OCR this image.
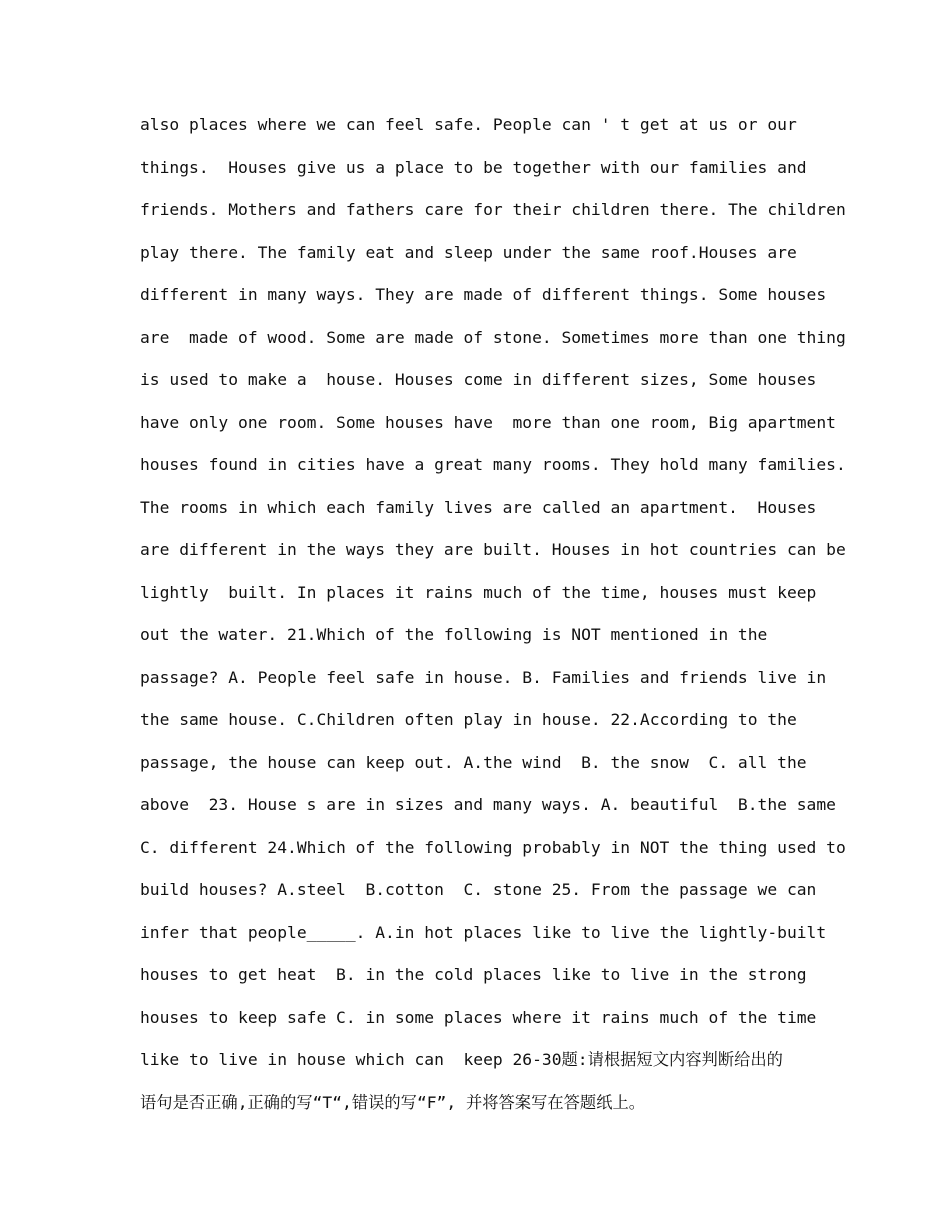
also places where we can feel safe. People can ' t get at us or our
things.  Houses give us a place to be together with our families and
friends. Mothers and fathers care for their children there. The children
play there. The family eat and sleep under the same roof.Houses are
different in many ways. They are made of different things. Some houses
are  made of wood. Some are made of stone. Sometimes more than one thing
is used to make a  house. Houses come in different sizes, Some houses
have only one room. Some houses have  more than one room, Big apartment
houses found in cities have a great many rooms. They hold many families.
The rooms in which each family lives are called an apartment.  Houses
are different in the ways they are built. Houses in hot countries can be
lightly  built. In places it rains much of the time, houses must keep
out the water. 21.Which of the following is NOT mentioned in the
passage? A. People feel safe in house. B. Families and friends live in
the same house. C.Children often play in house. 22.According to the
passage, the house can keep out. A.the wind  B. the snow  C. all the
above  23. House s are in sizes and many ways. A. beautiful  B.the same
C. different 24.Which of the following probably in NOT the thing used to
build houses? A.steel  B.cotton  C. stone 25. From the passage we can
infer that people_____. A.in hot places like to live the lightly-built
houses to get heat  B. in the cold places like to live in the strong
houses to keep safe C. in some places where it rains much of the time
like to live in house which can  keep 26-30题:请根据短文内容判断给出的
语句是否正确,正确的写“T“,错误的写“F”, 并将答案写在答题纸上。
